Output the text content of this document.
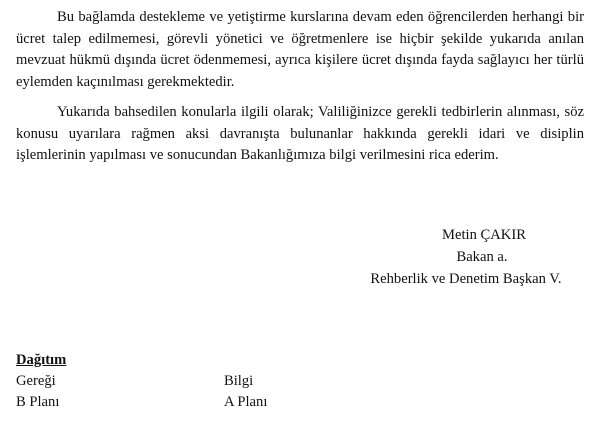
Bu bağlamda destekleme ve yetiştirme kurslarına devam eden öğrencilerden herhangi bir ücret talep edilmemesi, görevli yönetici ve öğretmenlere ise hiçbir şekilde yukarıda anılan mevzuat hükmü dışında ücret ödenmemesi, ayrıca kişilere ücret dışında fayda sağlayıcı her türlü eylemden kaçınılması gerekmektedir.

Yukarıda bahsedilen konularla ilgili olarak; Valiliğinizce gerekli tedbirlerin alınması, söz konusu uyarılara rağmen aksi davranışta bulunanlar hakkında gerekli idari ve disiplin işlemlerinin yapılması ve sonucundan Bakanlığımıza bilgi verilmesini rica ederim.

Metin ÇAKIR
Bakan a.
Rehberlik ve Denetim Başkan V.
Dağıtım
Gereği	Bilgi
B Planı	A Planı
